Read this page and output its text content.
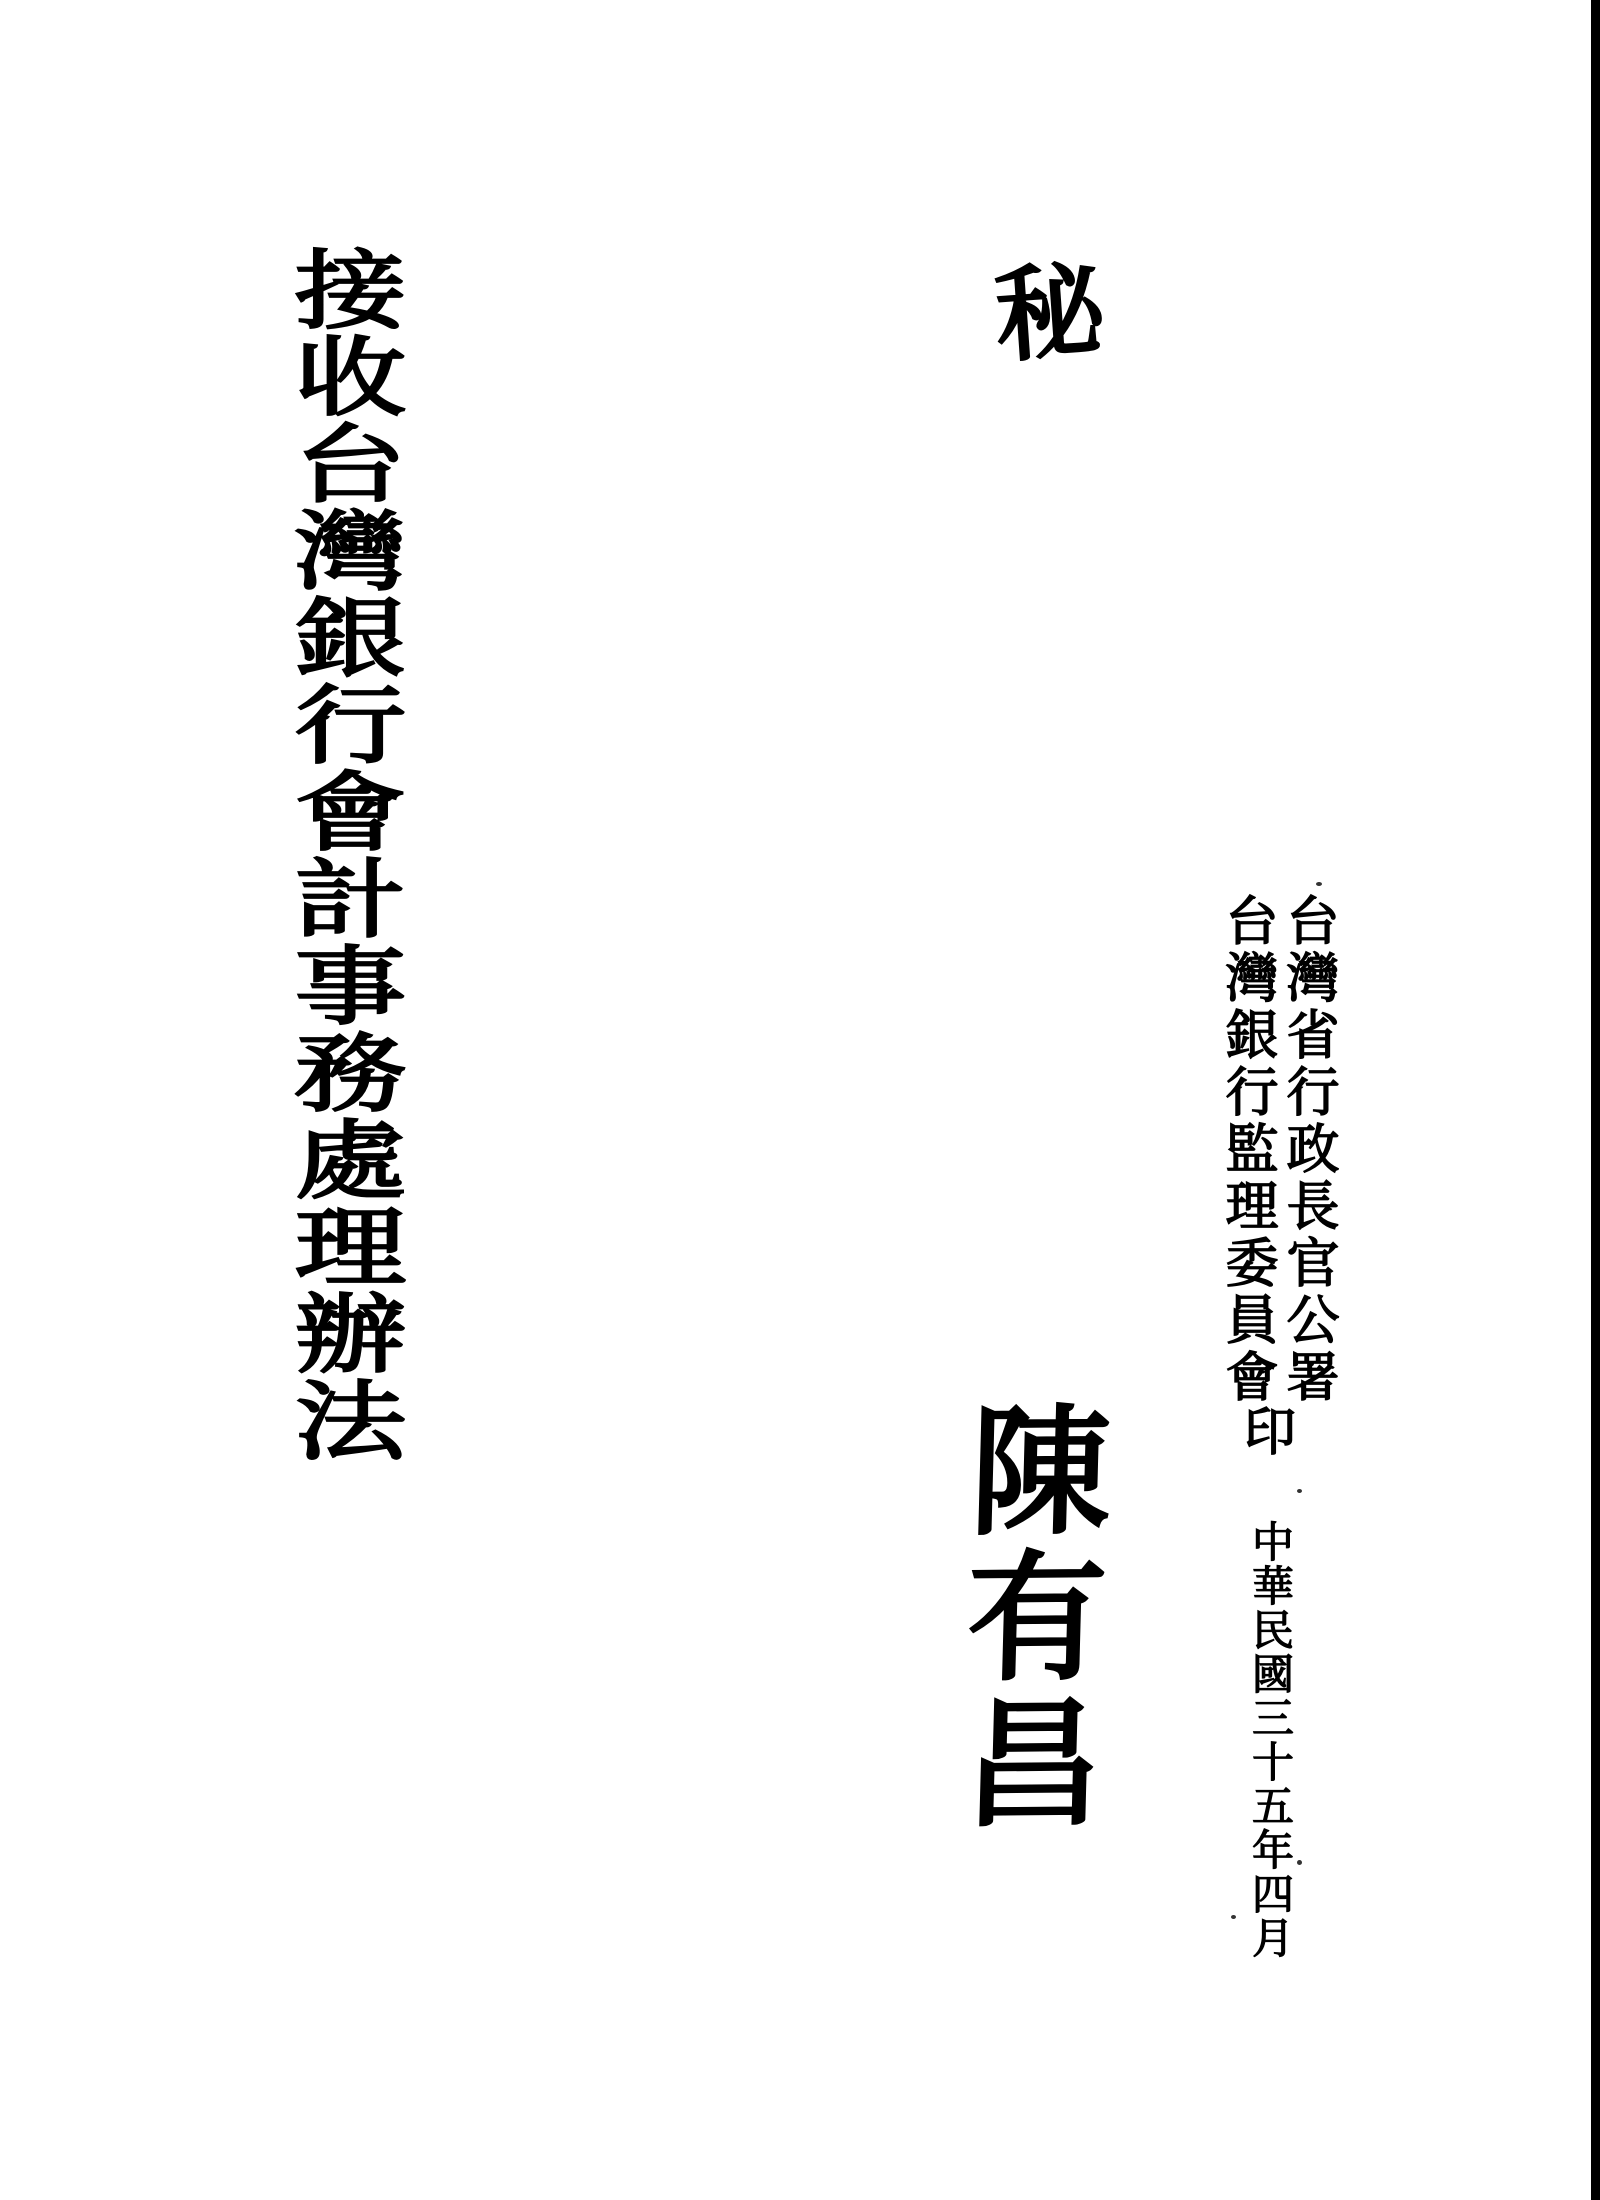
接收台灣銀行會計事務處理辦法	秘
台灣省行政長官公署
台灣銀行監理委員會
印
陳有昌	中華民國三十五年四月
